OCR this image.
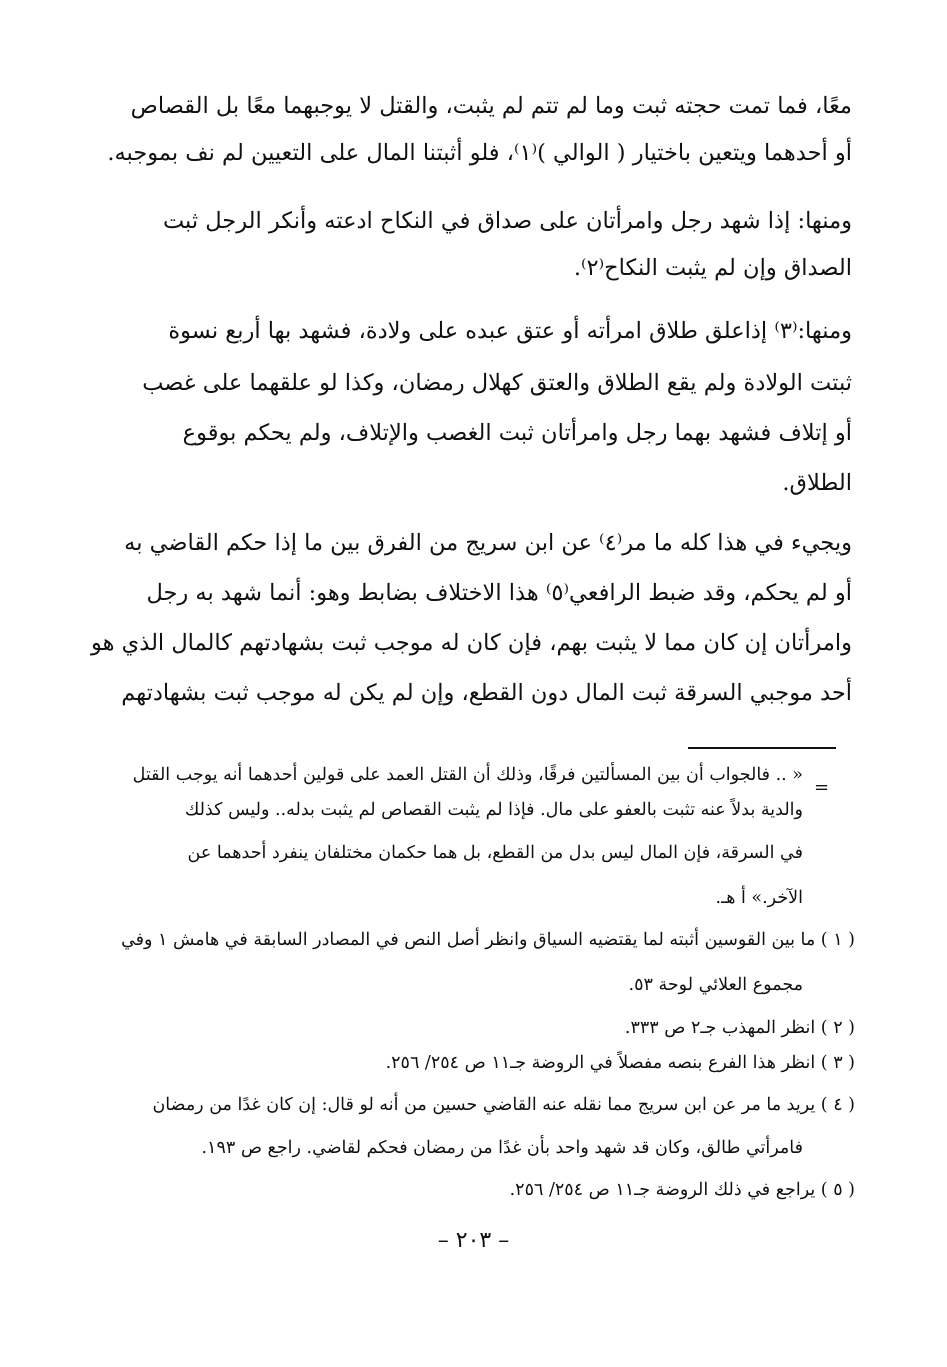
معًا، فما تمت حجته ثبت وما لم تتم لم يثبت، والقتل لا يوجبهما معًا بل القصاص
أو أحدهما ويتعين باختيار ( الوالي )⁽١⁾، فلو أثبتنا المال على التعيين لم نف بموجبه.
ومنها: إذا شهد رجل وامرأتان على صداق في النكاح ادعته وأنكر الرجل ثبت
الصداق وإن لم يثبت النكاح⁽٢⁾.
ومنها:⁽٣⁾ إذاعلق طلاق امرأته أو عتق عبده على ولادة، فشهد بها أربع نسوة
ثبتت الولادة ولم يقع الطلاق والعتق كهلال رمضان، وكذا لو علقهما على غصب
أو إتلاف فشهد بهما رجل وامرأتان ثبت الغصب والإتلاف، ولم يحكم بوقوع
الطلاق.
ويجيء في هذا كله ما مر⁽٤⁾ عن ابن سريج من الفرق بين ما إذا حكم القاضي به
أو لم يحكم، وقد ضبط الرافعي⁽٥⁾ هذا الاختلاف بضابط وهو: أنما شهد به رجل
وامرأتان إن كان مما لا يثبت بهم، فإن كان له موجب ثبت بشهادتهم كالمال الذي هو
أحد موجبي السرقة ثبت المال دون القطع، وإن لم يكن له موجب ثبت بشهادتهم
=
« .. فالجواب أن بين المسألتين فرقًا، وذلك أن القتل العمد على قولين أحدهما أنه يوجب القتل
والدية بدلاً عنه تثبت بالعفو على مال. فإذا لم يثبت القصاص لم يثبت بدله.. وليس كذلك
في السرقة، فإن المال ليس بدل من القطع، بل هما حكمان مختلفان ينفرد أحدهما عن
الآخر.» أ هـ.
( ١ ) ما بين القوسين أثبته لما يقتضيه السياق وانظر أصل النص في المصادر السابقة في هامش ١ وفي
مجموع العلائي لوحة ٥٣.
( ٢ ) انظر المهذب جـ٢ ص ٣٣٣.
( ٣ ) انظر هذا الفرع بنصه مفصلاً في الروضة جـ١١ ص ٢٥٤/ ٢٥٦.
( ٤ ) يريد ما مر عن ابن سريج مما نقله عنه القاضي حسين من أنه لو قال: إن كان غدًا من رمضان
فامرأتي طالق، وكان قد شهد واحد بأن غدًا من رمضان فحكم لقاضي. راجع ص ١٩٣.
( ٥ ) يراجع في ذلك الروضة جـ١١ ص ٢٥٤/ ٢٥٦.
– ٢٠٣ –
